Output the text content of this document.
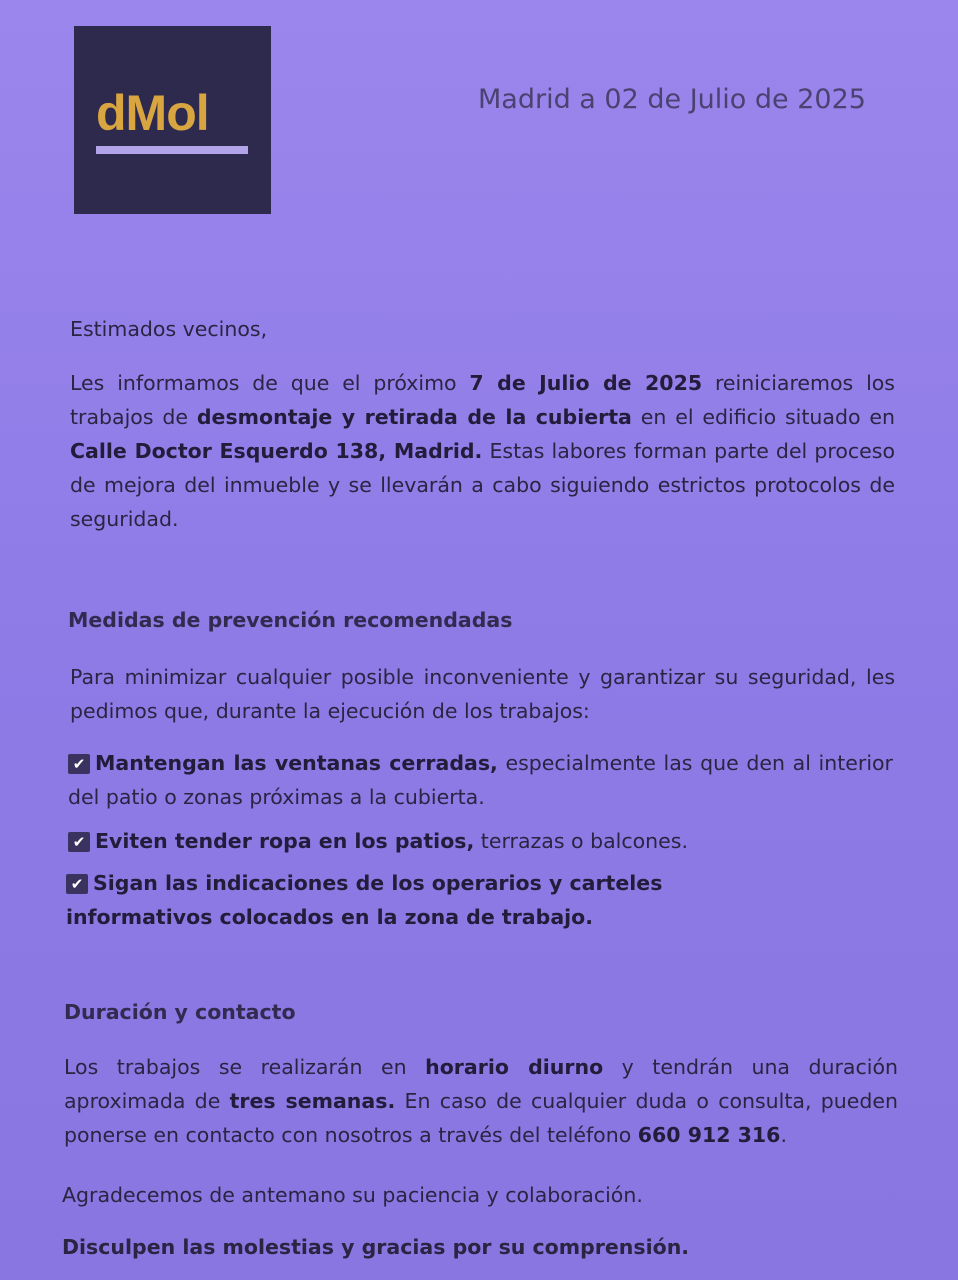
dMol	Madrid a 02 de Julio de 2025
Estimados vecinos,
Les informamos de que el próximo 7 de Julio de 2025 reiniciaremos los trabajos de desmontaje y retirada de la cubierta en el edificio situado en Calle Doctor Esquerdo 138, Madrid. Estas labores forman parte del proceso de mejora del inmueble y se llevarán a cabo siguiendo estrictos protocolos de seguridad.
Medidas de prevención recomendadas
Para minimizar cualquier posible inconveniente y garantizar su seguridad, les pedimos que, durante la ejecución de los trabajos:
✔ Mantengan las ventanas cerradas, especialmente las que den al interior del patio o zonas próximas a la cubierta.
✔ Eviten tender ropa en los patios, terrazas o balcones.
✔ Sigan las indicaciones de los operarios y carteles informativos colocados en la zona de trabajo.
Duración y contacto
Los trabajos se realizarán en horario diurno y tendrán una duración aproximada de tres semanas. En caso de cualquier duda o consulta, pueden ponerse en contacto con nosotros a través del teléfono 660 912 316.
Agradecemos de antemano su paciencia y colaboración.
Disculpen las molestias y gracias por su comprensión.
